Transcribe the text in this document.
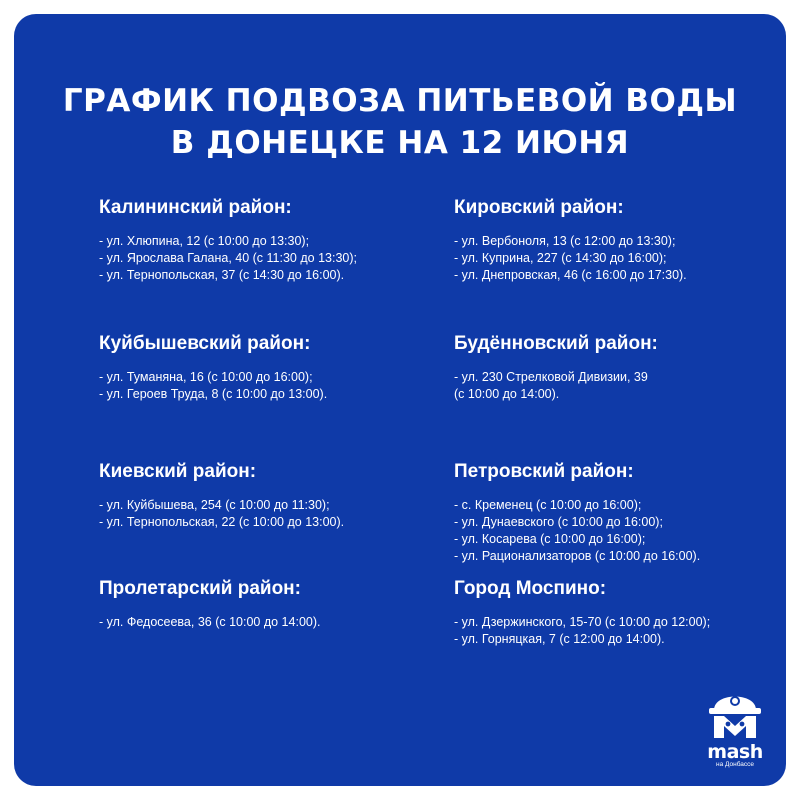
ГРАФИК ПОДВОЗА ПИТЬЕВОЙ ВОДЫ
В ДОНЕЦКЕ НА 12 ИЮНЯ

Калининский район:

- ул. Хлюпина, 12 (с 10:00 до 13:30);

- ул. Ярослава Галана, 40 (с 11:30 до 13:30);

- ул. Тернопольская, 37 (с 14:30 до 16:00).

Куйбышевский район:

- ул. Туманяна, 16 (с 10:00 до 16:00);

- ул. Героев Труда, 8 (с 10:00 до 13:00).

Киевский район:

- ул. Куйбышева, 254 (с 10:00 до 11:30);

- ул. Тернопольская, 22 (с 10:00 до 13:00).

Пролетарский район:

- ул. Федосеева, 36 (с 10:00 до 14:00).

Кировский район:

- ул. Вербоноля, 13 (с 12:00 до 13:30);

- ул. Куприна, 227 (с 14:30 до 16:00);

- ул. Днепровская, 46 (с 16:00 до 17:30).

Будённовский район:

- ул. 230 Стрелковой Дивизии, 39

(с 10:00 до 14:00).

Петровский район:

- с. Кременец (с 10:00 до 16:00);

- ул. Дунаевского (с 10:00 до 16:00);

- ул. Косарева (с 10:00 до 16:00);

- ул. Рационализаторов (с 10:00 до 16:00).

Город Моспино:

- ул. Дзержинского, 15-70 (с 10:00 до 12:00);

- ул. Горняцкая, 7 (с 12:00 до 14:00).

mash
на Донбассе
